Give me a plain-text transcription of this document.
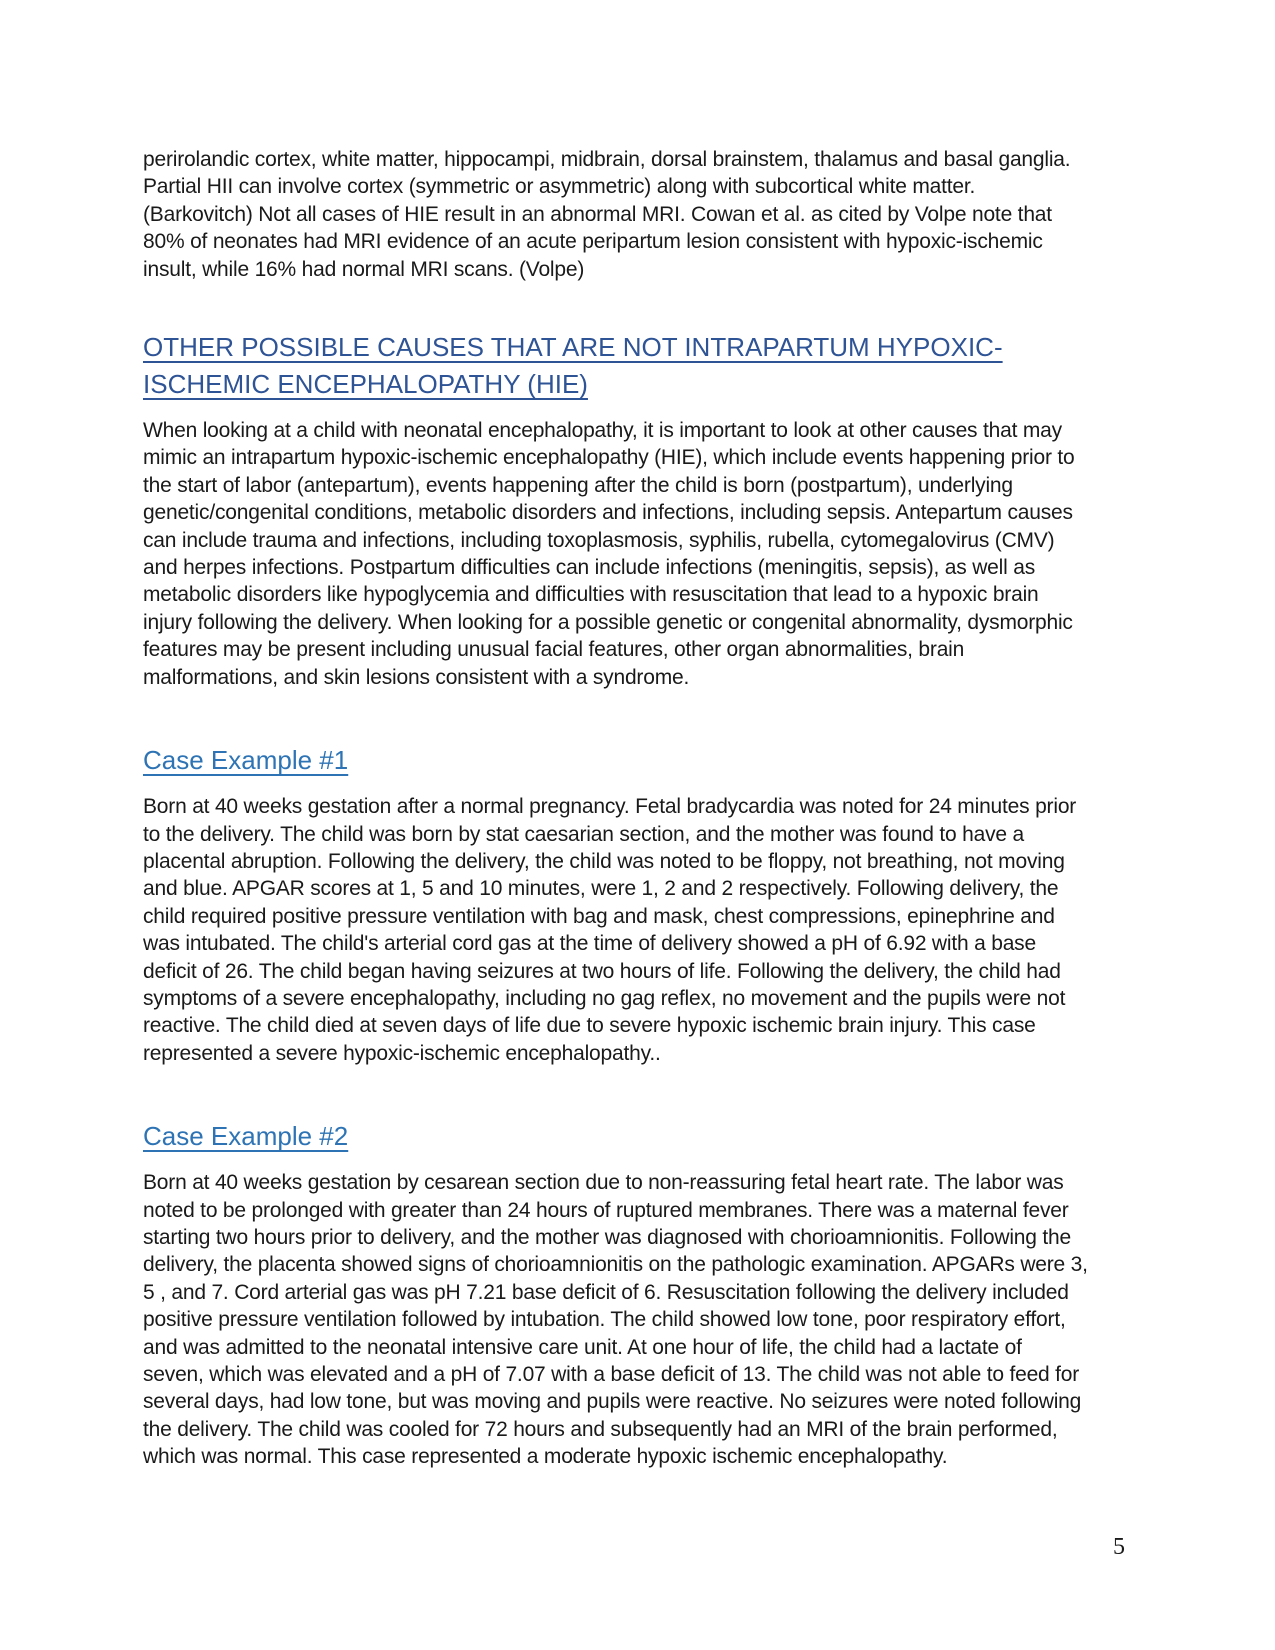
perirolandic cortex, white matter, hippocampi, midbrain, dorsal brainstem, thalamus and basal ganglia. Partial HII can involve cortex (symmetric or asymmetric) along with subcortical white matter. (Barkovitch) Not all cases of HIE result in an abnormal MRI. Cowan et al. as cited by Volpe note that 80% of neonates had MRI evidence of an acute peripartum lesion consistent with hypoxic-ischemic insult, while 16% had normal MRI scans. (Volpe)

OTHER POSSIBLE CAUSES THAT ARE NOT INTRAPARTUM HYPOXIC-ISCHEMIC ENCEPHALOPATHY (HIE)

When looking at a child with neonatal encephalopathy, it is important to look at other causes that may mimic an intrapartum hypoxic-ischemic encephalopathy (HIE), which include events happening prior to the start of labor (antepartum), events happening after the child is born (postpartum), underlying genetic/congenital conditions, metabolic disorders and infections, including sepsis. Antepartum causes can include trauma and infections, including toxoplasmosis, syphilis, rubella, cytomegalovirus (CMV) and herpes infections. Postpartum difficulties can include infections (meningitis, sepsis), as well as metabolic disorders like hypoglycemia and difficulties with resuscitation that lead to a hypoxic brain injury following the delivery. When looking for a possible genetic or congenital abnormality, dysmorphic features may be present including unusual facial features, other organ abnormalities, brain malformations, and skin lesions consistent with a syndrome.

Case Example #1

Born at 40 weeks gestation after a normal pregnancy. Fetal bradycardia was noted for 24 minutes prior to the delivery. The child was born by stat caesarian section, and the mother was found to have a placental abruption. Following the delivery, the child was noted to be floppy, not breathing, not moving and blue. APGAR scores at 1, 5 and 10 minutes, were 1, 2 and 2 respectively. Following delivery, the child required positive pressure ventilation with bag and mask, chest compressions, epinephrine and was intubated. The child's arterial cord gas at the time of delivery showed a pH of 6.92 with a base deficit of 26. The child began having seizures at two hours of life. Following the delivery, the child had symptoms of a severe encephalopathy, including no gag reflex, no movement and the pupils were not reactive. The child died at seven days of life due to severe hypoxic ischemic brain injury. This case represented a severe hypoxic-ischemic encephalopathy..

Case Example #2

Born at 40 weeks gestation by cesarean section due to non-reassuring fetal heart rate. The labor was noted to be prolonged with greater than 24 hours of ruptured membranes. There was a maternal fever starting two hours prior to delivery, and the mother was diagnosed with chorioamnionitis. Following the delivery, the placenta showed signs of chorioamnionitis on the pathologic examination. APGARs were 3, 5 , and 7. Cord arterial gas was pH 7.21 base deficit of 6. Resuscitation following the delivery included positive pressure ventilation followed by intubation. The child showed low tone, poor respiratory effort, and was admitted to the neonatal intensive care unit. At one hour of life, the child had a lactate of seven, which was elevated and a pH of 7.07 with a base deficit of 13. The child was not able to feed for several days, had low tone, but was moving and pupils were reactive. No seizures were noted following the delivery. The child was cooled for 72 hours and subsequently had an MRI of the brain performed, which was normal. This case represented a moderate hypoxic ischemic encephalopathy.

5
